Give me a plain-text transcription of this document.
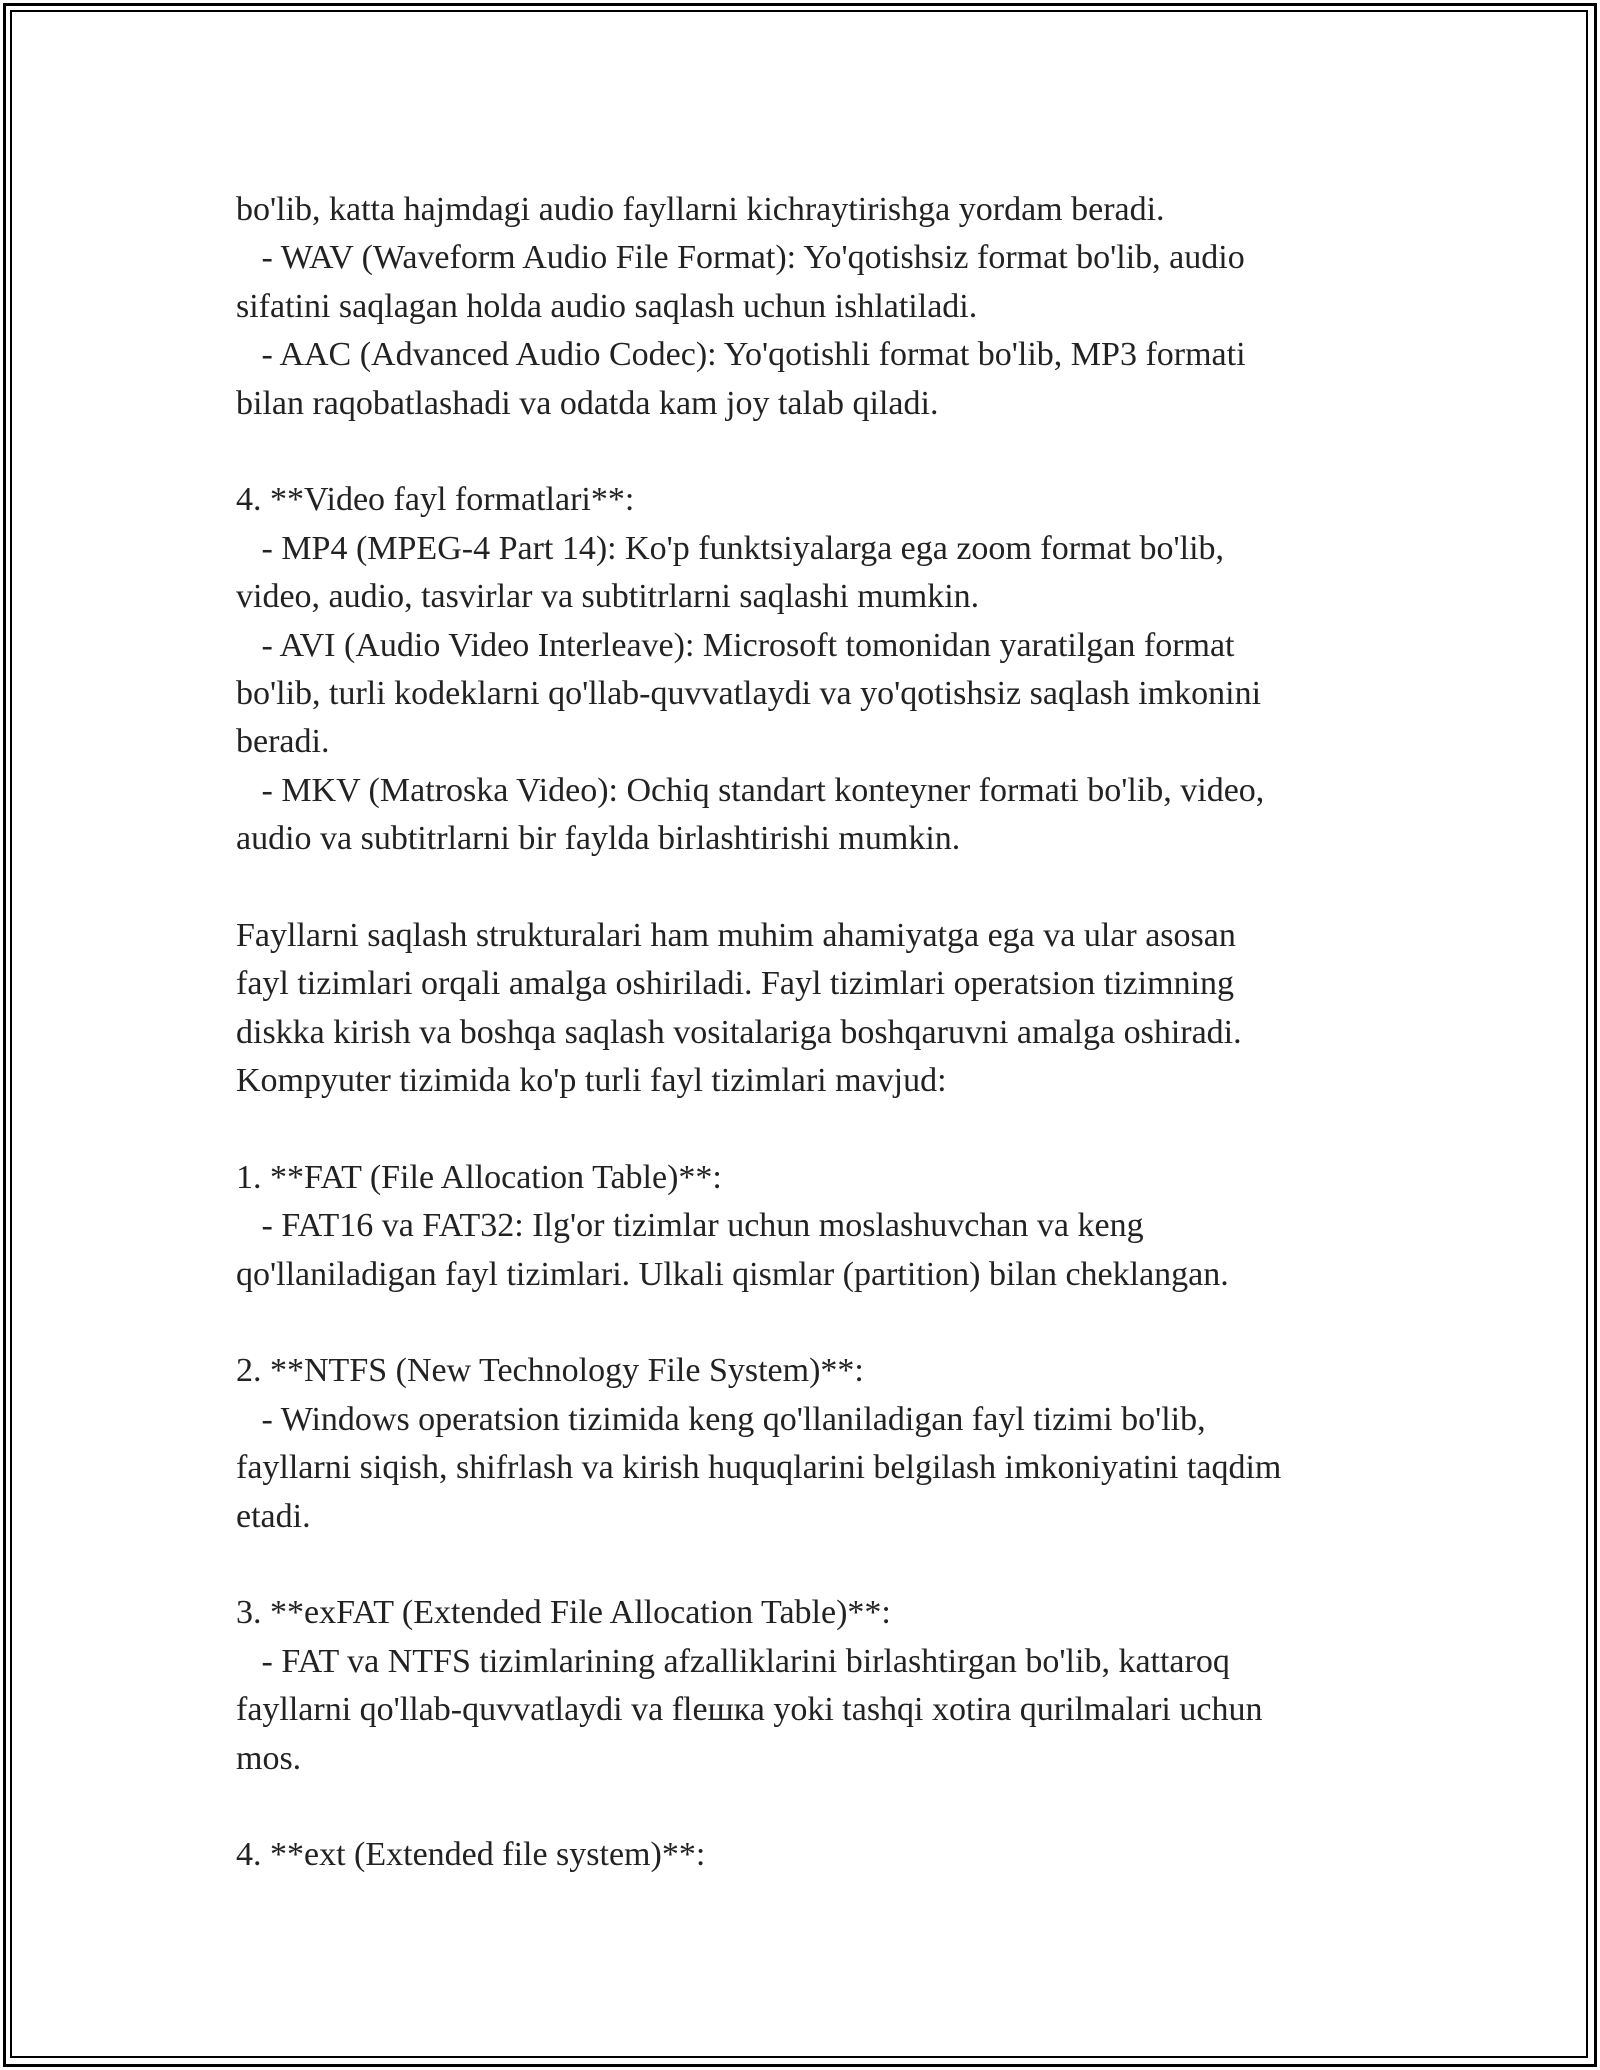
bo'lib, katta hajmdagi audio fayllarni kichraytirishga yordam beradi.
- WAV (Waveform Audio File Format): Yo'qotishsiz format bo'lib, audio
sifatini saqlagan holda audio saqlash uchun ishlatiladi.
- AAC (Advanced Audio Codec): Yo'qotishli format bo'lib, MP3 formati
bilan raqobatlashadi va odatda kam joy talab qiladi.
4. **Video fayl formatlari**:
- MP4 (MPEG-4 Part 14): Ko'p funktsiyalarga ega zoom format bo'lib,
video, audio, tasvirlar va subtitrlarni saqlashi mumkin.
- AVI (Audio Video Interleave): Microsoft tomonidan yaratilgan format
bo'lib, turli kodeklarni qo'llab-quvvatlaydi va yo'qotishsiz saqlash imkonini
beradi.
- MKV (Matroska Video): Ochiq standart konteyner formati bo'lib, video,
audio va subtitrlarni bir faylda birlashtirishi mumkin.
Fayllarni saqlash strukturalari ham muhim ahamiyatga ega va ular asosan
fayl tizimlari orqali amalga oshiriladi. Fayl tizimlari operatsion tizimning
diskka kirish va boshqa saqlash vositalariga boshqaruvni amalga oshiradi.
Kompyuter tizimida ko'p turli fayl tizimlari mavjud:
1. **FAT (File Allocation Table)**:
- FAT16 va FAT32: Ilg'or tizimlar uchun moslashuvchan va keng
qo'llaniladigan fayl tizimlari. Ulkali qismlar (partition) bilan cheklangan.
2. **NTFS (New Technology File System)**:
- Windows operatsion tizimida keng qo'llaniladigan fayl tizimi bo'lib,
fayllarni siqish, shifrlash va kirish huquqlarini belgilash imkoniyatini taqdim
etadi.
3. **exFAT (Extended File Allocation Table)**:
- FAT va NTFS tizimlarining afzalliklarini birlashtirgan bo'lib, kattaroq
fayllarni qo'llab-quvvatlaydi va fleшка yoki tashqi xotira qurilmalari uchun
mos.
4. **ext (Extended file system)**:
